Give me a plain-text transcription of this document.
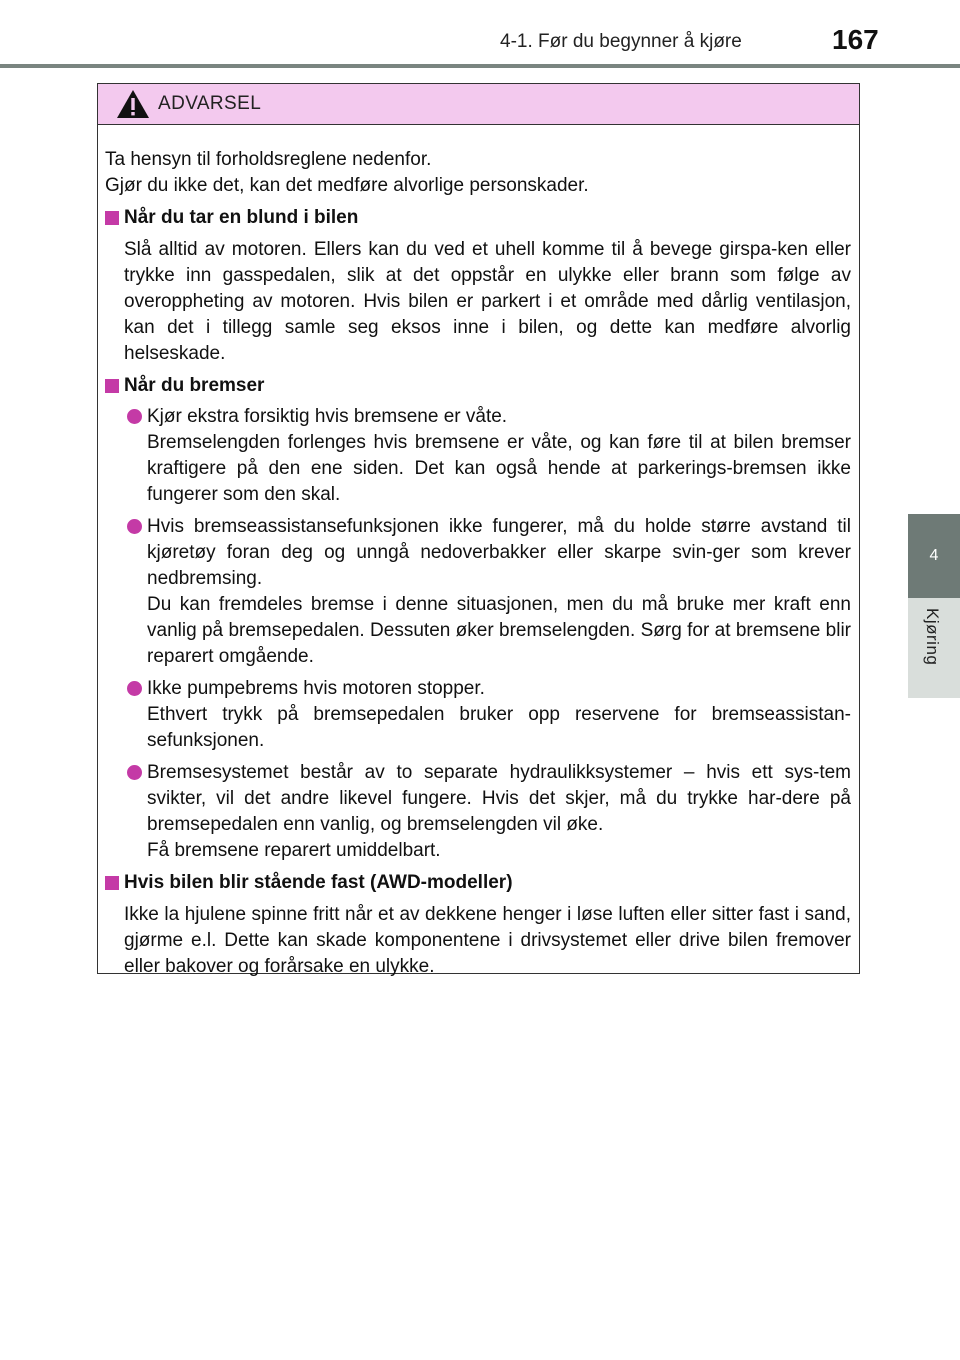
4-1. Før du begynner å kjøre	167
4
Kjøring
ADVARSEL

Ta hensyn til forholdsreglene nedenfor.

Gjør du ikke det, kan det medføre alvorlige personskader.

Når du tar en blund i bilen

Slå alltid av motoren. Ellers kan du ved et uhell komme til å bevege girspa-ken eller trykke inn gasspedalen, slik at det oppstår en ulykke eller brann som følge av overoppheting av motoren. Hvis bilen er parkert i et område med dårlig ventilasjon, kan det i tillegg samle seg eksos inne i bilen, og dette kan medføre alvorlig helseskade.

Når du bremser

Kjør ekstra forsiktig hvis bremsene er våte.

Bremselengden forlenges hvis bremsene er våte, og kan føre til at bilen bremser kraftigere på den ene siden. Det kan også hende at parkerings-bremsen ikke fungerer som den skal.

Hvis bremseassistansefunksjonen ikke fungerer, må du holde større avstand til kjøretøy foran deg og unngå nedoverbakker eller skarpe svin-ger som krever nedbremsing.

Du kan fremdeles bremse i denne situasjonen, men du må bruke mer kraft enn vanlig på bremsepedalen. Dessuten øker bremselengden. Sørg for at bremsene blir reparert omgående.

Ikke pumpebrems hvis motoren stopper.

Ethvert trykk på bremsepedalen bruker opp reservene for bremseassistan-sefunksjonen.

Bremsesystemet består av to separate hydraulikksystemer – hvis ett sys-tem svikter, vil det andre likevel fungere. Hvis det skjer, må du trykke har-dere på bremsepedalen enn vanlig, og bremselengden vil øke.

Få bremsene reparert umiddelbart.

Hvis bilen blir stående fast (AWD-modeller)

Ikke la hjulene spinne fritt når et av dekkene henger i løse luften eller sitter fast i sand, gjørme e.l. Dette kan skade komponentene i drivsystemet eller drive bilen fremover eller bakover og forårsake en ulykke.
